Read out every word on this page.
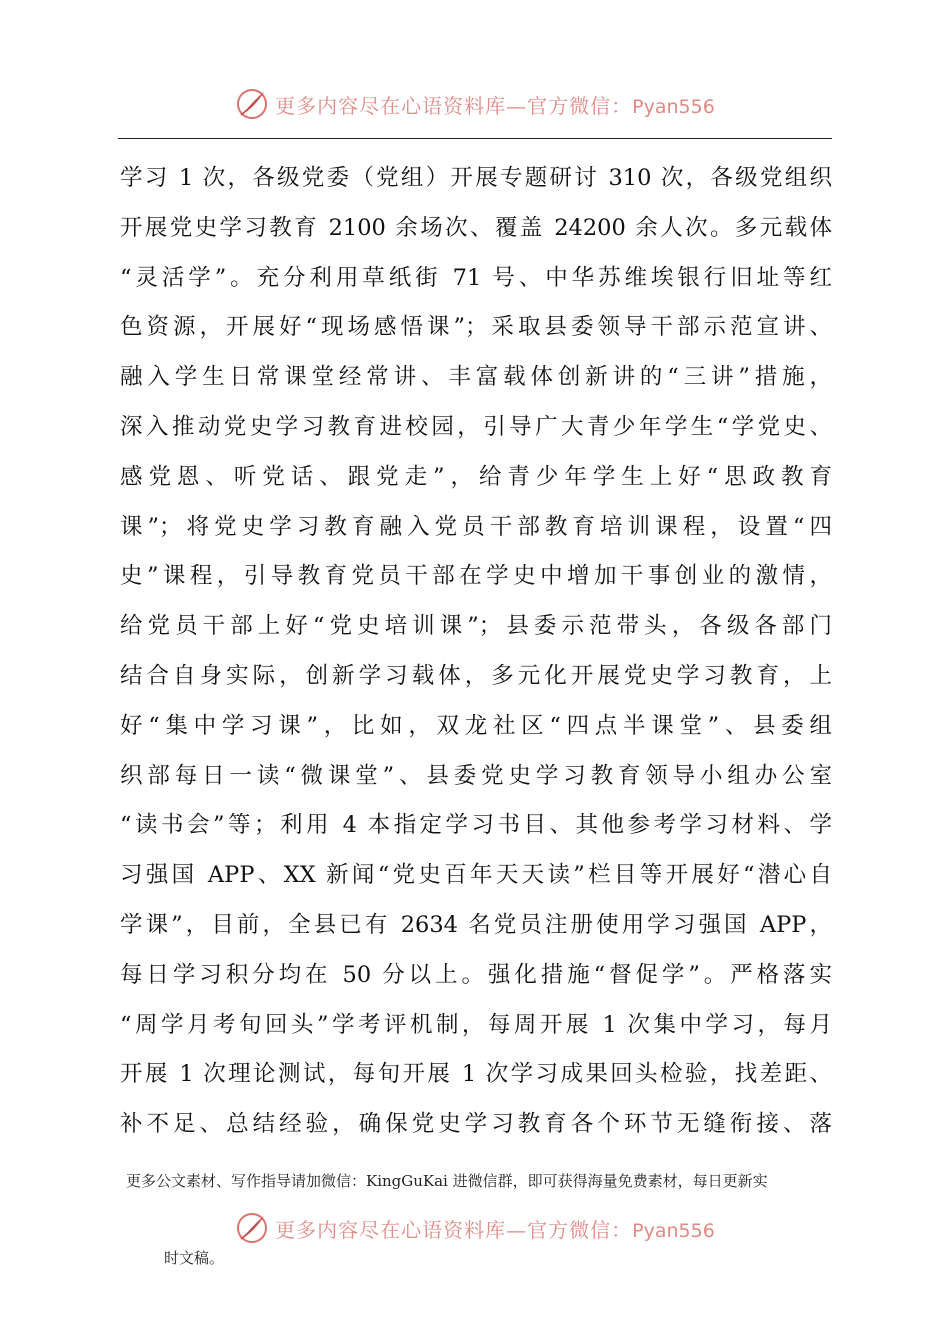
更多内容尽在心语资料库—官方微信：Pyan556
学习 1 次，各级党委（党组）开展专题研讨 310 次，各级党组织
开展党史学习教育 2100 余场次、覆盖 24200 余人次。多元载体
“灵活学”。充分利用草纸街 71 号、中华苏维埃银行旧址等红
色资源，开展好“现场感悟课”；采取县委领导干部示范宣讲、
融入学生日常课堂经常讲、丰富载体创新讲的“三讲”措施，
深入推动党史学习教育进校园，引导广大青少年学生“学党史、
感党恩、听党话、跟党走”，给青少年学生上好“思政教育
课”；将党史学习教育融入党员干部教育培训课程，设置“四
史”课程，引导教育党员干部在学史中增加干事创业的激情，
给党员干部上好“党史培训课”；县委示范带头，各级各部门
结合自身实际，创新学习载体，多元化开展党史学习教育，上
好“集中学习课”，比如，双龙社区“四点半课堂”、县委组
织部每日一读“微课堂”、县委党史学习教育领导小组办公室
“读书会”等；利用 4 本指定学习书目、其他参考学习材料、学
习强国 APP、XX 新闻“党史百年天天读”栏目等开展好“潜心自
学课”，目前，全县已有 2634 名党员注册使用学习强国 APP，
每日学习积分均在 50 分以上。强化措施“督促学”。严格落实
“周学月考旬回头”学考评机制，每周开展 1 次集中学习，每月
开展 1 次理论测试，每旬开展 1 次学习成果回头检验，找差距、
补不足、总结经验，确保党史学习教育各个环节无缝衔接、落
更多公文素材、写作指导请加微信：KingGuKai 进微信群，即可获得海量免费素材，每日更新实
更多内容尽在心语资料库—官方微信：Pyan556
时文稿。
